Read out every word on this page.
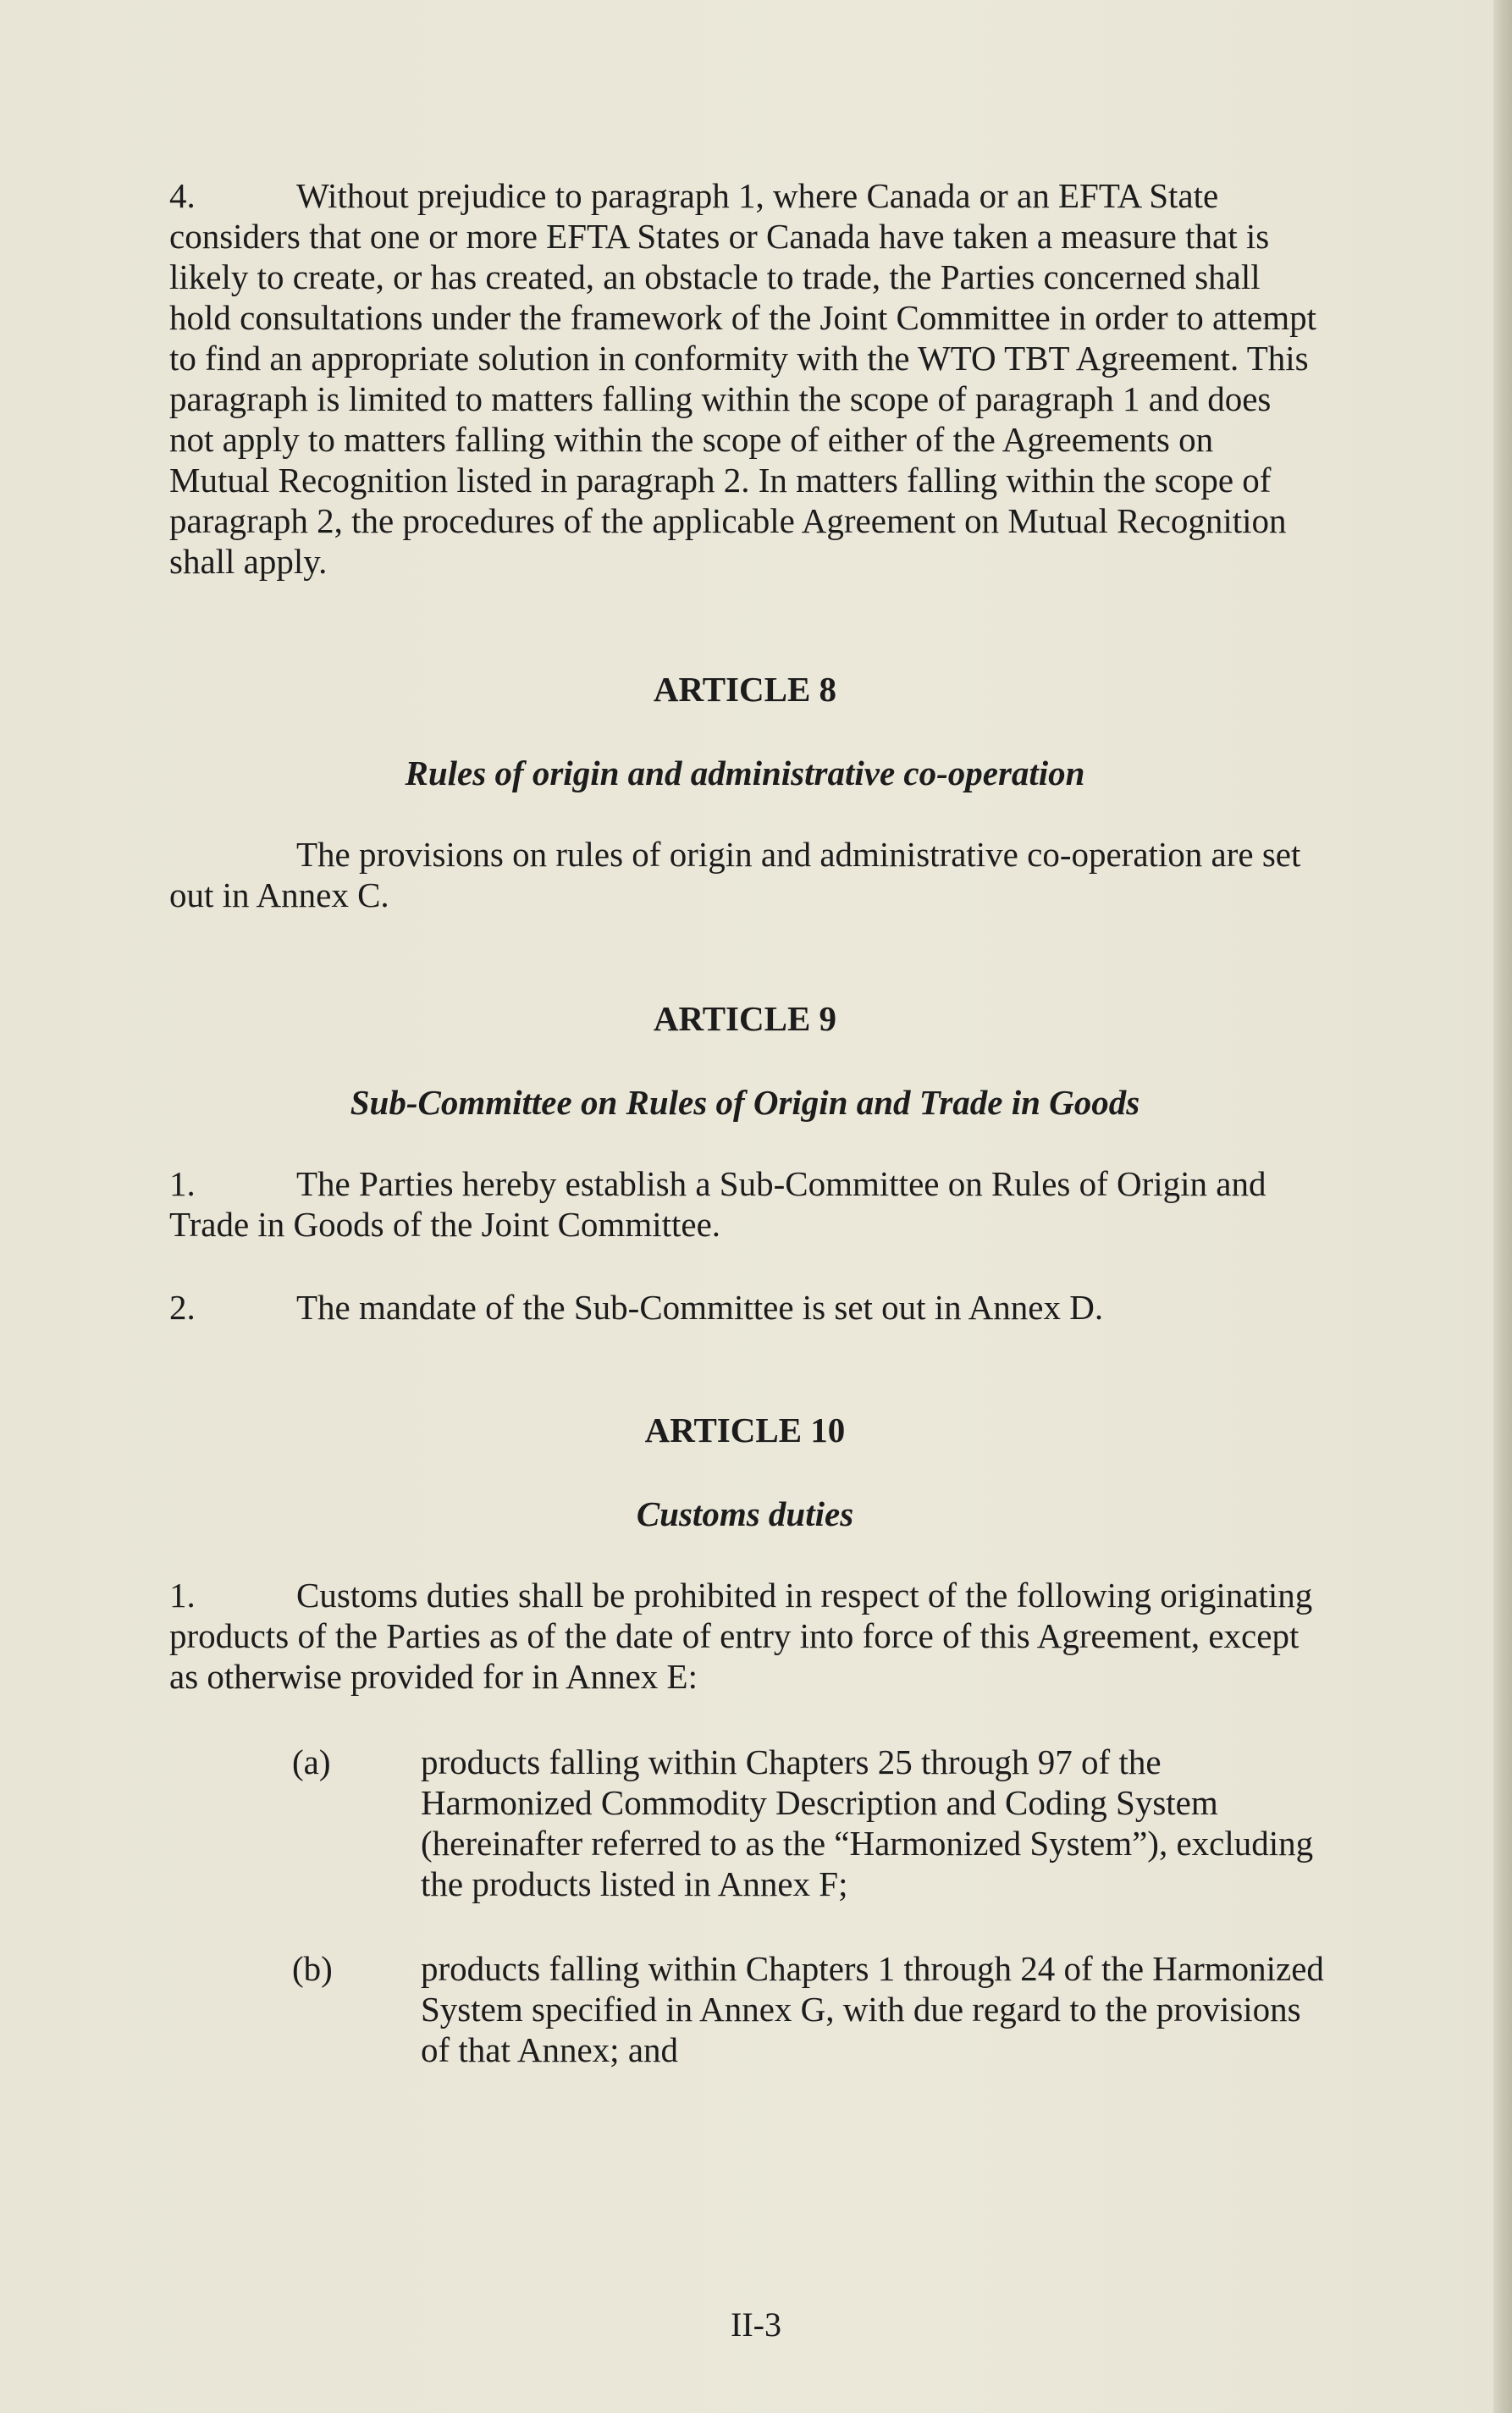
4.	Without prejudice to paragraph 1, where Canada or an EFTA State considers that one or more EFTA States or Canada have taken a measure that is likely to create, or has created, an obstacle to trade, the Parties concerned shall hold consultations under the framework of the Joint Committee in order to attempt to find an appropriate solution in conformity with the WTO TBT Agreement. This paragraph is limited to matters falling within the scope of paragraph 1 and does not apply to matters falling within the scope of either of the Agreements on Mutual Recognition listed in paragraph 2. In matters falling within the scope of paragraph 2, the procedures of the applicable Agreement on Mutual Recognition shall apply.

ARTICLE 8

Rules of origin and administrative co-operation

The provisions on rules of origin and administrative co-operation are set out in Annex C.

ARTICLE 9

Sub-Committee on Rules of Origin and Trade in Goods

1.	The Parties hereby establish a Sub-Committee on Rules of Origin and Trade in Goods of the Joint Committee.

2.	The mandate of the Sub-Committee is set out in Annex D.

ARTICLE 10

Customs duties

1.	Customs duties shall be prohibited in respect of the following originating products of the Parties as of the date of entry into force of this Agreement, except as otherwise provided for in Annex E:

(a)	products falling within Chapters 25 through 97 of the Harmonized Commodity Description and Coding System (hereinafter referred to as the “Harmonized System”), excluding the products listed in Annex F;
(b)	products falling within Chapters 1 through 24 of the Harmonized System specified in Annex G, with due regard to the provisions of that Annex; and
II-3
